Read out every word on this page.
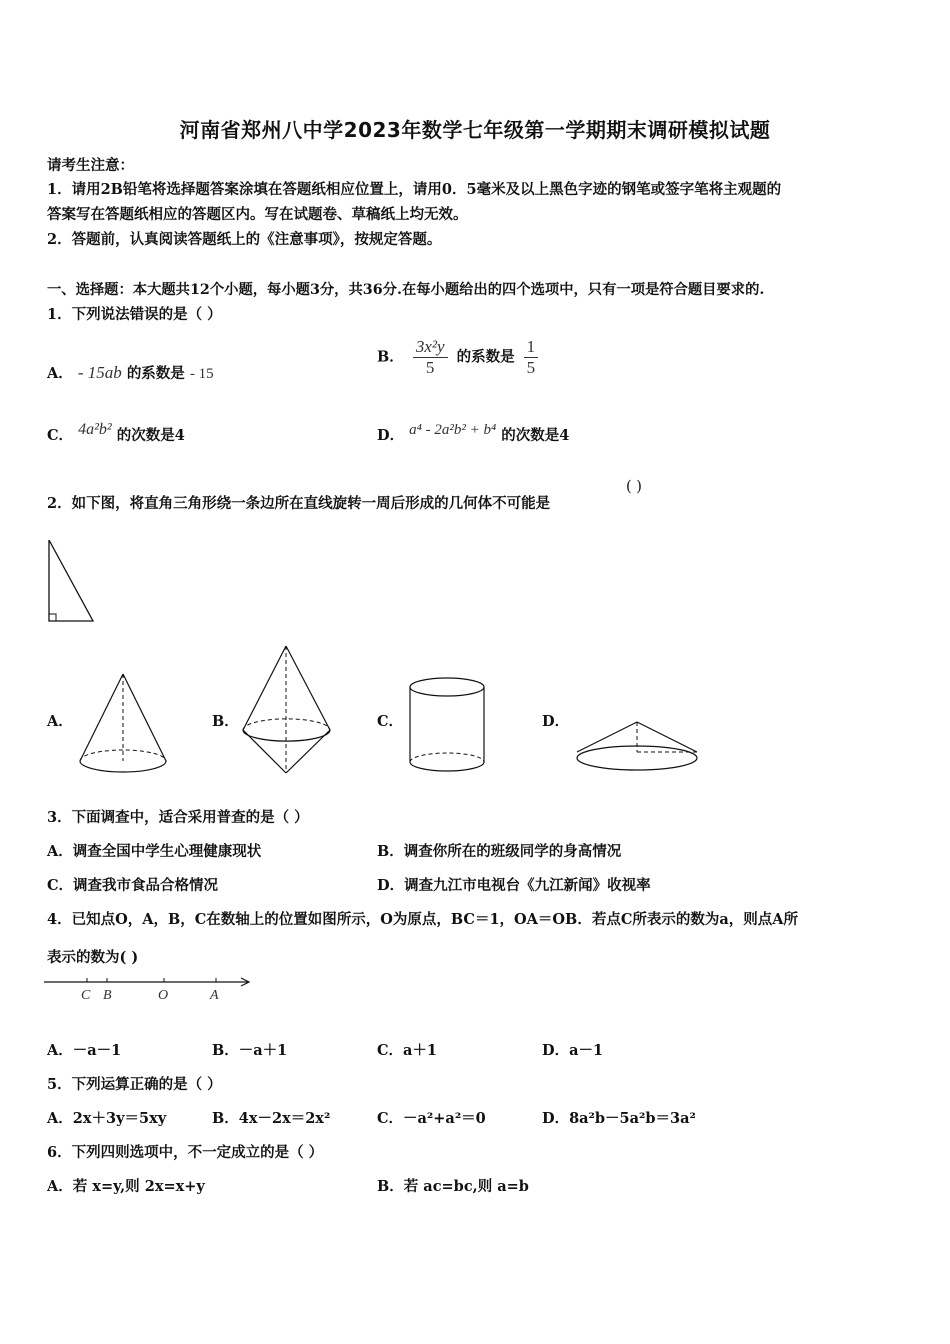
河南省郑州八中学2023年数学七年级第一学期期末调研模拟试题
请考生注意：
1．请用2B铅笔将选择题答案涂填在答题纸相应位置上，请用0．5毫米及以上黑色字迹的钢笔或签字笔将主观题的
答案写在答题纸相应的答题区内。写在试题卷、草稿纸上均无效。
2．答题前，认真阅读答题纸上的《注意事项》，按规定答题。
一、选择题：本大题共12个小题，每小题3分，共36分.在每小题给出的四个选项中，只有一项是符合题目要求的.
1．下列说法错误的是（ ）
A． - 15ab 的系数是 - 15
B． $\frac{\text{3x²y}}{5}$ 的系数是 $\frac{1}{5}$
C． 4a²b² 的次数是4	D． a⁴ - 2a²b² + b⁴ 的次数是4
2．如下图，将直角三角形绕一条边所在直线旋转一周后形成的几何体不可能是
( )
A．	B．	C．	D．
3．下面调查中，适合采用普查的是（ ）
A．调查全国中学生心理健康现状	B．调查你所在的班级同学的身高情况
C．调查我市食品合格情况	D．调查九江市电视台《九江新闻》收视率
4．已知点O，A，B，C在数轴上的位置如图所示，O为原点，BC＝1，OA＝OB．若点C所表示的数为a，则点A所
表示的数为( )
C B	O	A
A．－a－1	B．－a＋1	C．a＋1	D．a－1
5．下列运算正确的是（ ）
A．2x＋3y＝5xy	B．4x－2x＝2x²	C．－a²+a²＝0	D．8a²b－5a²b＝3a²
6．下列四则选项中，不一定成立的是（ ）
A．若 x=y,则 2x=x+y	B．若 ac=bc,则 a=b
